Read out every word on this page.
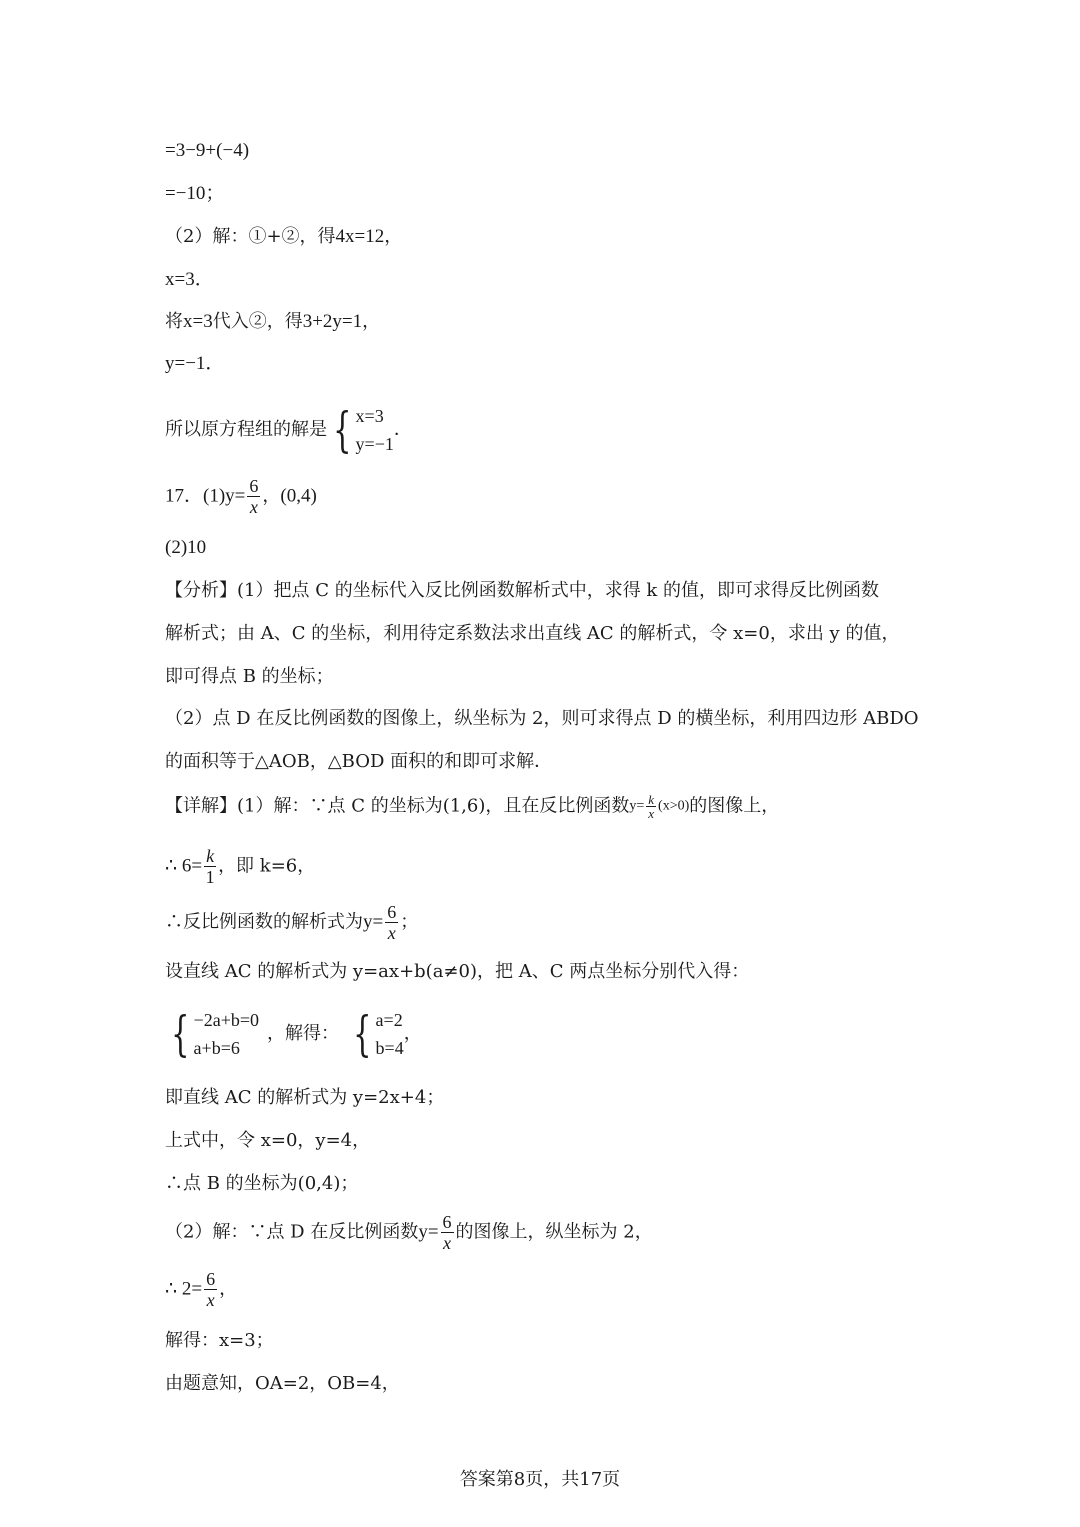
=3−9+(−4)
=−10；
（2）解：①+②，得4x=12，
x=3．
将x=3代入②，得3+2y=1，
y=−1．
所以原方程组的解是 { x=3
y=−1
．
17．$(1)y= \frac{6}{x}$ ，(0,4)
(2)10
【分析】(1）把点 C 的坐标代入反比例函数解析式中，求得 k 的值，即可求得反比例函数
解析式；由 A、C 的坐标，利用待定系数法求出直线 AC 的解析式，令 x=0，求出 y 的值，
即可得点 B 的坐标；
（2）点 D 在反比例函数的图像上，纵坐标为 2，则可求得点 D 的横坐标，利用四边形 ABDO
的面积等于△AOB，△BOD 面积的和即可求解．
【详解】(1）解：∵点 C 的坐标为(1,6)，且在反比例函数$y= \frac{k}{x} (x>0)$的图像上，
∴ $6= \frac{k}{1}$ ，即 k=6，
∴反比例函数的解析式为$y= \frac{6}{x}$ ；
设直线 AC 的解析式为 y=ax+b(a≠0)，把 A、C 两点坐标分别代入得：
{ −2a+b=0
a+b=6
，解得： { a=2
b=4
，
即直线 AC 的解析式为 y=2x+4；
上式中，令 x=0，y=4，
∴点 B 的坐标为(0,4)；
（2）解：∵点 D 在反比例函数$y= \frac{6}{x}$ 的图像上，纵坐标为 2，
∴ $2= \frac{6}{x}$ ，
解得：x=3；
由题意知，OA=2，OB=4，
答案第8页，共17页
